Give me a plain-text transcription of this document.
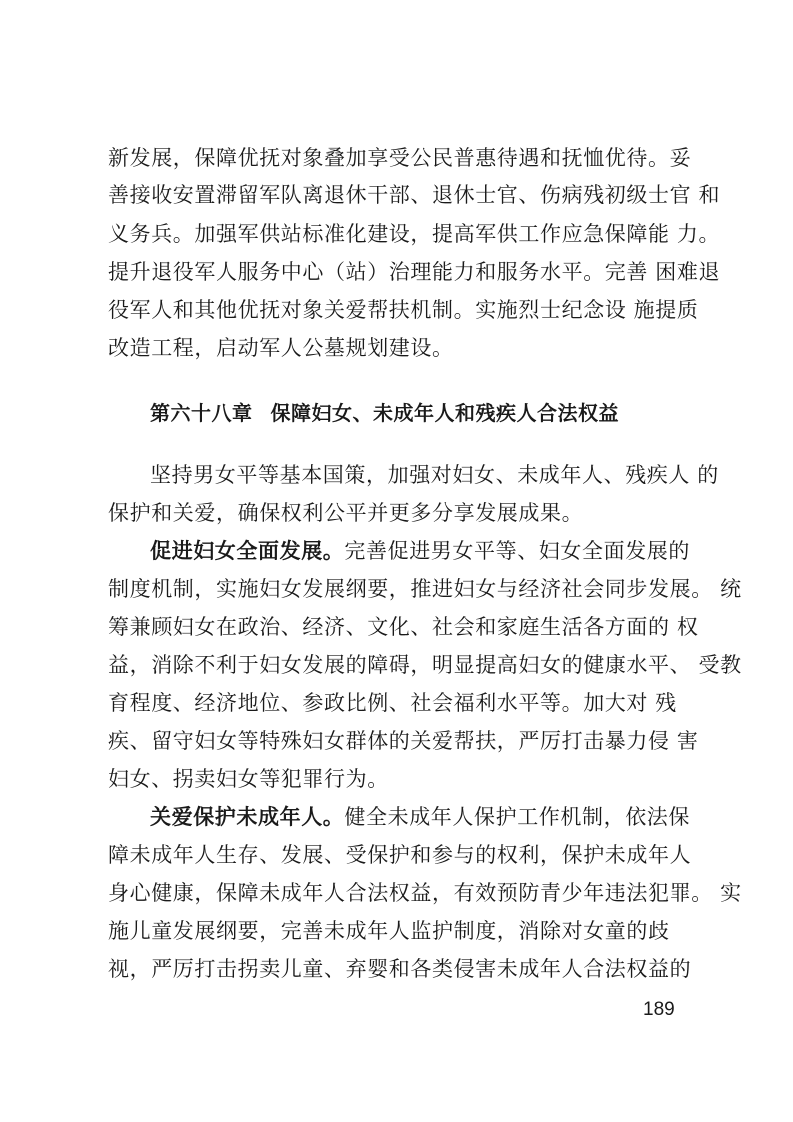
新发展，保障优抚对象叠加享受公民普惠待遇和抚恤优待。妥
善接收安置滞留军队离退休干部、退休士官、伤病残初级士官 和
义务兵。加强军供站标准化建设，提高军供工作应急保障能 力。
提升退役军人服务中心（站）治理能力和服务水平。完善 困难退
役军人和其他优抚对象关爱帮扶机制。实施烈士纪念设 施提质
改造工程，启动军人公墓规划建设。
第六十八章 保障妇女、未成年人和残疾人合法权益
坚持男女平等基本国策，加强对妇女、未成年人、残疾人 的
保护和关爱，确保权利公平并更多分享发展成果。
促进妇女全面发展。完善促进男女平等、妇女全面发展的
制度机制，实施妇女发展纲要，推进妇女与经济社会同步发展。 统
筹兼顾妇女在政治、经济、文化、社会和家庭生活各方面的 权
益，消除不利于妇女发展的障碍，明显提高妇女的健康水平、 受教
育程度、经济地位、参政比例、社会福利水平等。加大对 残
疾、留守妇女等特殊妇女群体的关爱帮扶，严厉打击暴力侵 害
妇女、拐卖妇女等犯罪行为。
关爱保护未成年人。健全未成年人保护工作机制，依法保
障未成年人生存、发展、受保护和参与的权利，保护未成年人
身心健康，保障未成年人合法权益，有效预防青少年违法犯罪。 实
施儿童发展纲要，完善未成年人监护制度，消除对女童的歧
视，严厉打击拐卖儿童、弃婴和各类侵害未成年人合法权益的
189
